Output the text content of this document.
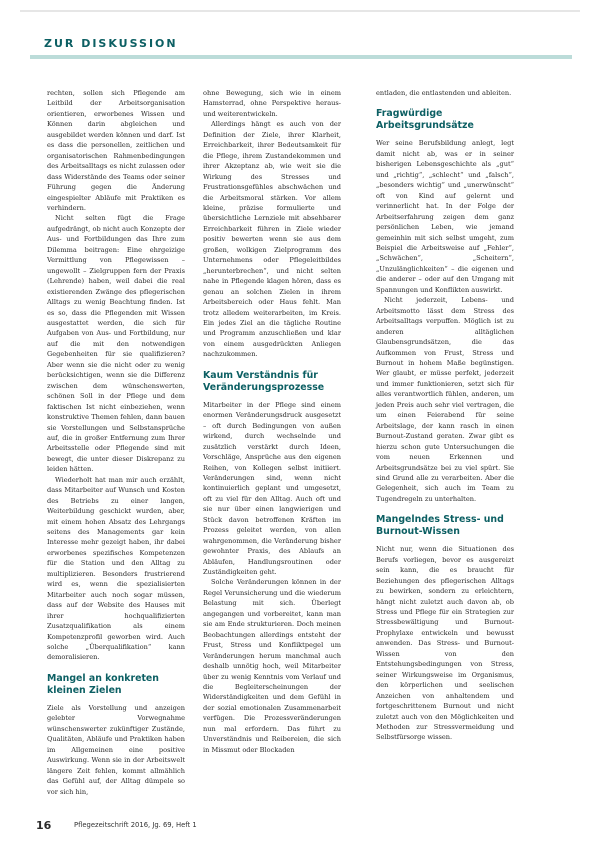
ZUR DISKUSSION

rechten, sollen sich Pflegende am Leitbild der Arbeitsorganisation orientieren, erworbenes Wissen und Können darin abgleichen und ausgebildet werden können und darf. Ist es dass die personellen, zeitlichen und organisatorischen Rahmenbedingungen des Arbeitsalltags es nicht zulassen oder dass Widerstände des Teams oder seiner Führung gegen die Änderung eingespielter Abläufe mit Praktiken es verhindern.

Nicht selten fügt die Frage aufgedrängt, ob nicht auch Konzepte der Aus- und Fortbildungen das Ihre zum Dilemma beitragen: Eine ehrgeizige Vermittlung von Pflegewissen – ungewollt – Zielgruppen fern der Praxis (Lehrende) haben, weil dabei die real existierenden Zwänge des pflegerischen Alltags zu wenig Beachtung finden. Ist es so, dass die Pflegenden mit Wissen ausgestattet werden, die sich für Aufgaben von Aus- und Fortbildung, nur auf die mit den notwendigen Gegebenheiten für sie qualifizieren? Aber wenn sie die nicht oder zu wenig berücksichtigen, wenn sie die Differenz zwischen dem wünschenswerten, schönen Soll in der Pflege und dem faktischen Ist nicht einbeziehen, wenn konstruktive Themen fehlen, dann bauen sie Vorstellungen und Selbstansprüche auf, die in großer Entfernung zum Ihrer Arbeitsstelle oder Pflegende sind mit bewegt, die unter dieser Diskrepanz zu leiden hätten.

Wiederholt hat man mir auch erzählt, dass Mitarbeiter auf Wunsch und Kosten des Betriebs zu einer langen, Weiterbildung geschickt wurden, aber, mit einem hohen Absatz des Lehrgangs seitens des Managements gar kein Interesse mehr gezeigt haben, ihr dabei erworbenes spezifisches Kompetenzen für die Station und den Alltag zu multiplizieren. Besonders frustrierend wird es, wenn die spezialisierten Mitarbeiter auch noch sogar müssen, dass auf der Website des Hauses mit ihrer hochqualifizierten Zusatzqualifikation als einem Kompetenzprofil geworben wird. Auch solche „Überqualifikation“ kann demoralisieren.

Mangel an konkreten kleinen Zielen

Ziele als Vorstellung und anzeigen gelebter Vorwegnahme wünschenswerter zukünftiger Zustände, Qualitäten, Abläufe und Praktiken haben im Allgemeinen eine positive Auswirkung. Wenn sie in der Arbeitswelt längere Zeit fehlen, kommt allmählich das Gefühl auf, der Alltag dümpele so vor sich hin,

ohne Bewegung, sich wie in einem Hamsterrad, ohne Perspektive heraus- und weiterentwickeln.

Allerdings hängt es auch von der Definition der Ziele, ihrer Klarheit, Erreichbarkeit, ihrer Bedeutsamkeit für die Pflege, ihrem Zustandekommen und ihrer Akzeptanz ab, wie weit sie die Wirkung des Stresses und Frustrationsgefühles abschwächen und die Arbeitsmoral stärken. Vor allem kleine, präzise formulierte und übersichtliche Lernziele mit absehbarer Erreichbarkeit führen in Ziele wieder positiv bewerten wenn sie aus dem großen, wolkigen Zielprogramm des Unternehmens oder Pflegeleitbildes „herunterbrechen“, und nicht selten nahe in Pflegende klagen hören, dass es genau an solchen Zielen in ihrem Arbeitsbereich oder Haus fehlt. Man trotz alledem weiterarbeiten, im Kreis. Ein jedes Ziel an die tägliche Routine und Programm anzuschließen und klar von einem ausgedrückten Anliegen nachzukommen.

Kaum Verständnis für Veränderungsprozesse

Mitarbeiter in der Pflege sind einem enormen Veränderungsdruck ausgesetzt – oft durch Bedingungen von außen wirkend, durch wechselnde und zusätzlich verstärkt durch Ideen, Vorschläge, Ansprüche aus den eigenen Reihen, von Kollegen selbst initiiert. Veränderungen sind, wenn nicht kontinuierlich geplant und umgesetzt, oft zu viel für den Alltag. Auch oft und sie nur über einen langwierigen und Stück davon betroffenen Kräften im Prozess geleitet werden, von allen wahrgenommen, die Veränderung bisher gewohnter Praxis, des Ablaufs an Abläufen, Handlungsroutinen oder Zuständigkeiten geht.

Solche Veränderungen können in der Regel Verunsicherung und die wiederum Belastung mit sich. Überlegt angegangen und vorbereitet, kann man sie am Ende strukturieren. Doch meinen Beobachtungen allerdings entsteht der Frust, Stress und Konfliktpegel um Veränderungen herum manchmal auch deshalb unnötig hoch, weil Mitarbeiter über zu wenig Kenntnis vom Verlauf und die Begleiterscheinungen der Widerständigkeiten und dem Gefühl in der sozial emotionalen Zusammenarbeit verfügen. Die Prozessveränderungen nun mal erfordern. Das führt zu Unverständnis und Reibereien, die sich in Missmut oder Blockaden

entladen, die entlastenden und ableiten.

Fragwürdige Arbeitsgrundsätze

Wer seine Berufsbildung anlegt, legt damit nicht ab, was er in seiner bisherigen Lebensgeschichte als „gut“ und „richtig“, „schlecht“ und „falsch“, „besonders wichtig“ und „unerwünscht“ oft von Kind auf gelernt und verinnerlicht hat. In der Folge der Arbeitserfahrung zeigen dem ganz persönlichen Leben, wie jemand gemeinhin mit sich selbst umgeht, zum Beispiel die Arbeitsweise auf „Fehler“, „Schwächen“, „Scheitern“, „Unzulänglichkeiten“ – die eigenen und die anderer – oder auf den Umgang mit Spannungen und Konflikten auswirkt.

Nicht jederzeit, Lebens- und Arbeitsmotto lässt dem Stress des Arbeitsalltags verpuffen. Möglich ist zu anderen alltäglichen Glaubensgrundsätzen, die das Aufkommen von Frust, Stress und Burnout in hohem Maße begünstigen. Wer glaubt, er müsse perfekt, jederzeit und immer funktionieren, setzt sich für alles verantwortlich fühlen, anderen, um jeden Preis auch sehr viel vertragen, die um einen Feierabend für seine Arbeitslage, der kann rasch in einen Burnout-Zustand geraten. Zwar gibt es hierzu schon gute Untersuchungen die vom neuen Erkennen und Arbeitsgrundsätze bei zu viel spürt. Sie sind Grund alle zu verarbeiten. Aber die Gelegenheit, sich auch im Team zu Tugendregeln zu unterhalten.

Mangelndes Stress- und Burnout-Wissen

Nicht nur, wenn die Situationen des Berufs vorliegen, bevor es ausgereizt sein kann, die es braucht für Beziehungen des pflegerischen Alltags zu bewirken, sondern zu erleichtern, hängt nicht zuletzt auch davon ab, ob Stress und Pflege für ein Strategien zur Stressbewältigung und Burnout-Prophylaxe entwickeln und bewusst anwenden. Das Stress- und Burnout-Wissen von den Entstehungsbedingungen von Stress, seiner Wirkungsweise im Organismus, den körperlichen und seelischen Anzeichen von anhaltendem und fortgeschrittenem Burnout und nicht zuletzt auch von den Möglichkeiten und Methoden zur Stressvermeidung und Selbstfürsorge wissen.

16	Pflegezeitschrift 2016, Jg. 69, Heft 1
